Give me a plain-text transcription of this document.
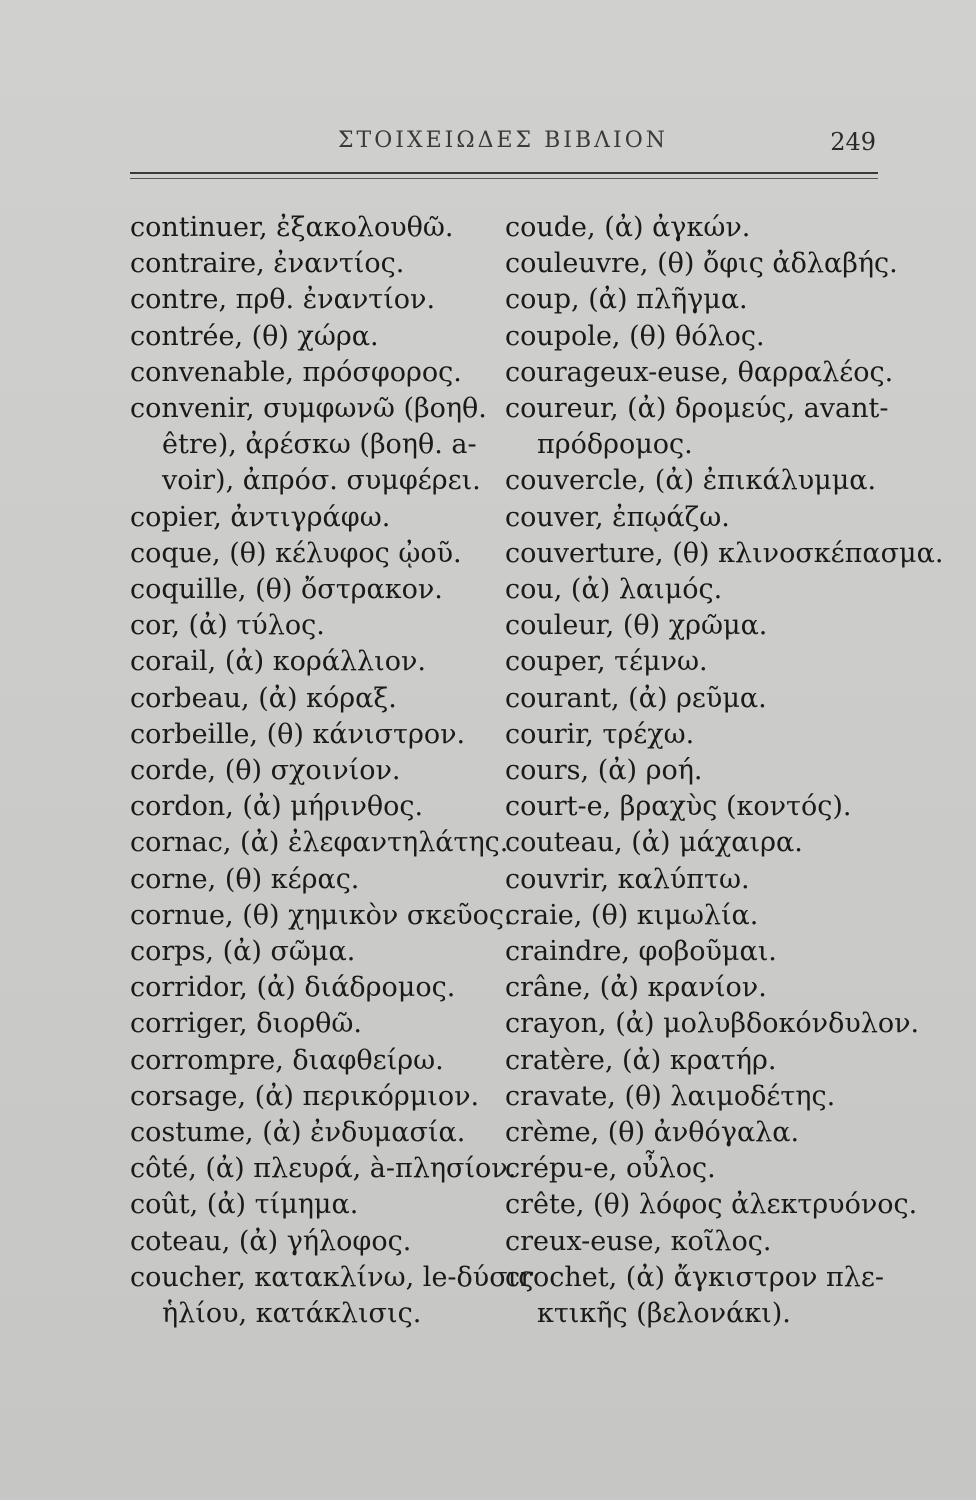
ΣΤΟΙΧΕΙΩΔΕΣ ΒΙΒΛΙΟΝ	249
continuer, ἐξακολουθῶ.
contraire, ἐναντίος.
contre, πρθ. ἐναντίον.
contrée, (θ) χώρα.
convenable, πρόσφορος.
convenir, συμφωνῶ (βοηθ.
être), ἀρέσκω (βοηθ. a-
voir), ἀπρόσ. συμφέρει.
copier, ἀντιγράφω.
coque, (θ) κέλυφος ᾠοῦ.
coquille, (θ) ὄστρακον.
cor, (ἀ) τύλος.
corail, (ἀ) κοράλλιον.
corbeau, (ἀ) κόραξ.
corbeille, (θ) κάνιστρον.
corde, (θ) σχοινίον.
cordon, (ἀ) μήρινθος.
cornac, (ἀ) ἐλεφαντηλάτης.
corne, (θ) κέρας.
cornue, (θ) χημικὸν σκεῦος.
corps, (ἀ) σῶμα.
corridor, (ἀ) διάδρομος.
corriger, διορθῶ.
corrompre, διαφθείρω.
corsage, (ἀ) περικόρμιον.
costume, (ἀ) ἐνδυμασία.
côté, (ἀ) πλευρά, à-πλησίον.
coût, (ἀ) τίμημα.
coteau, (ἀ) γήλοφος.
coucher, κατακλίνω, le-δύσις
ἡλίου, κατάκλισις.
coude, (ἀ) ἀγκών.
couleuvre, (θ) ὄφις ἀδλαβής.
coup, (ἀ) πλῆγμα.
coupole, (θ) θόλος.
courageux-euse, θαρραλέος.
coureur, (ἀ) δρομεύς, avant-
πρόδρομος.
couvercle, (ἀ) ἐπικάλυμμα.
couver, ἐπῳάζω.
couverture, (θ) κλινοσκέπασμα.
cou, (ἀ) λαιμός.
couleur, (θ) χρῶμα.
couper, τέμνω.
courant, (ἀ) ρεῦμα.
courir, τρέχω.
cours, (ἀ) ροή.
court-e, βραχὺς (κοντός).
couteau, (ἀ) μάχαιρα.
couvrir, καλύπτω.
craie, (θ) κιμωλία.
craindre, φοβοῦμαι.
crâne, (ἀ) κρανίον.
crayon, (ἀ) μολυβδοκόνδυλον.
cratère, (ἀ) κρατήρ.
cravate, (θ) λαιμοδέτης.
crème, (θ) ἀνθόγαλα.
crépu-e, οὖλος.
crête, (θ) λόφος ἀλεκτρυόνος.
creux-euse, κοῖλος.
crochet, (ἀ) ἄγκιστρον πλε-
κτικῆς (βελονάκι).
